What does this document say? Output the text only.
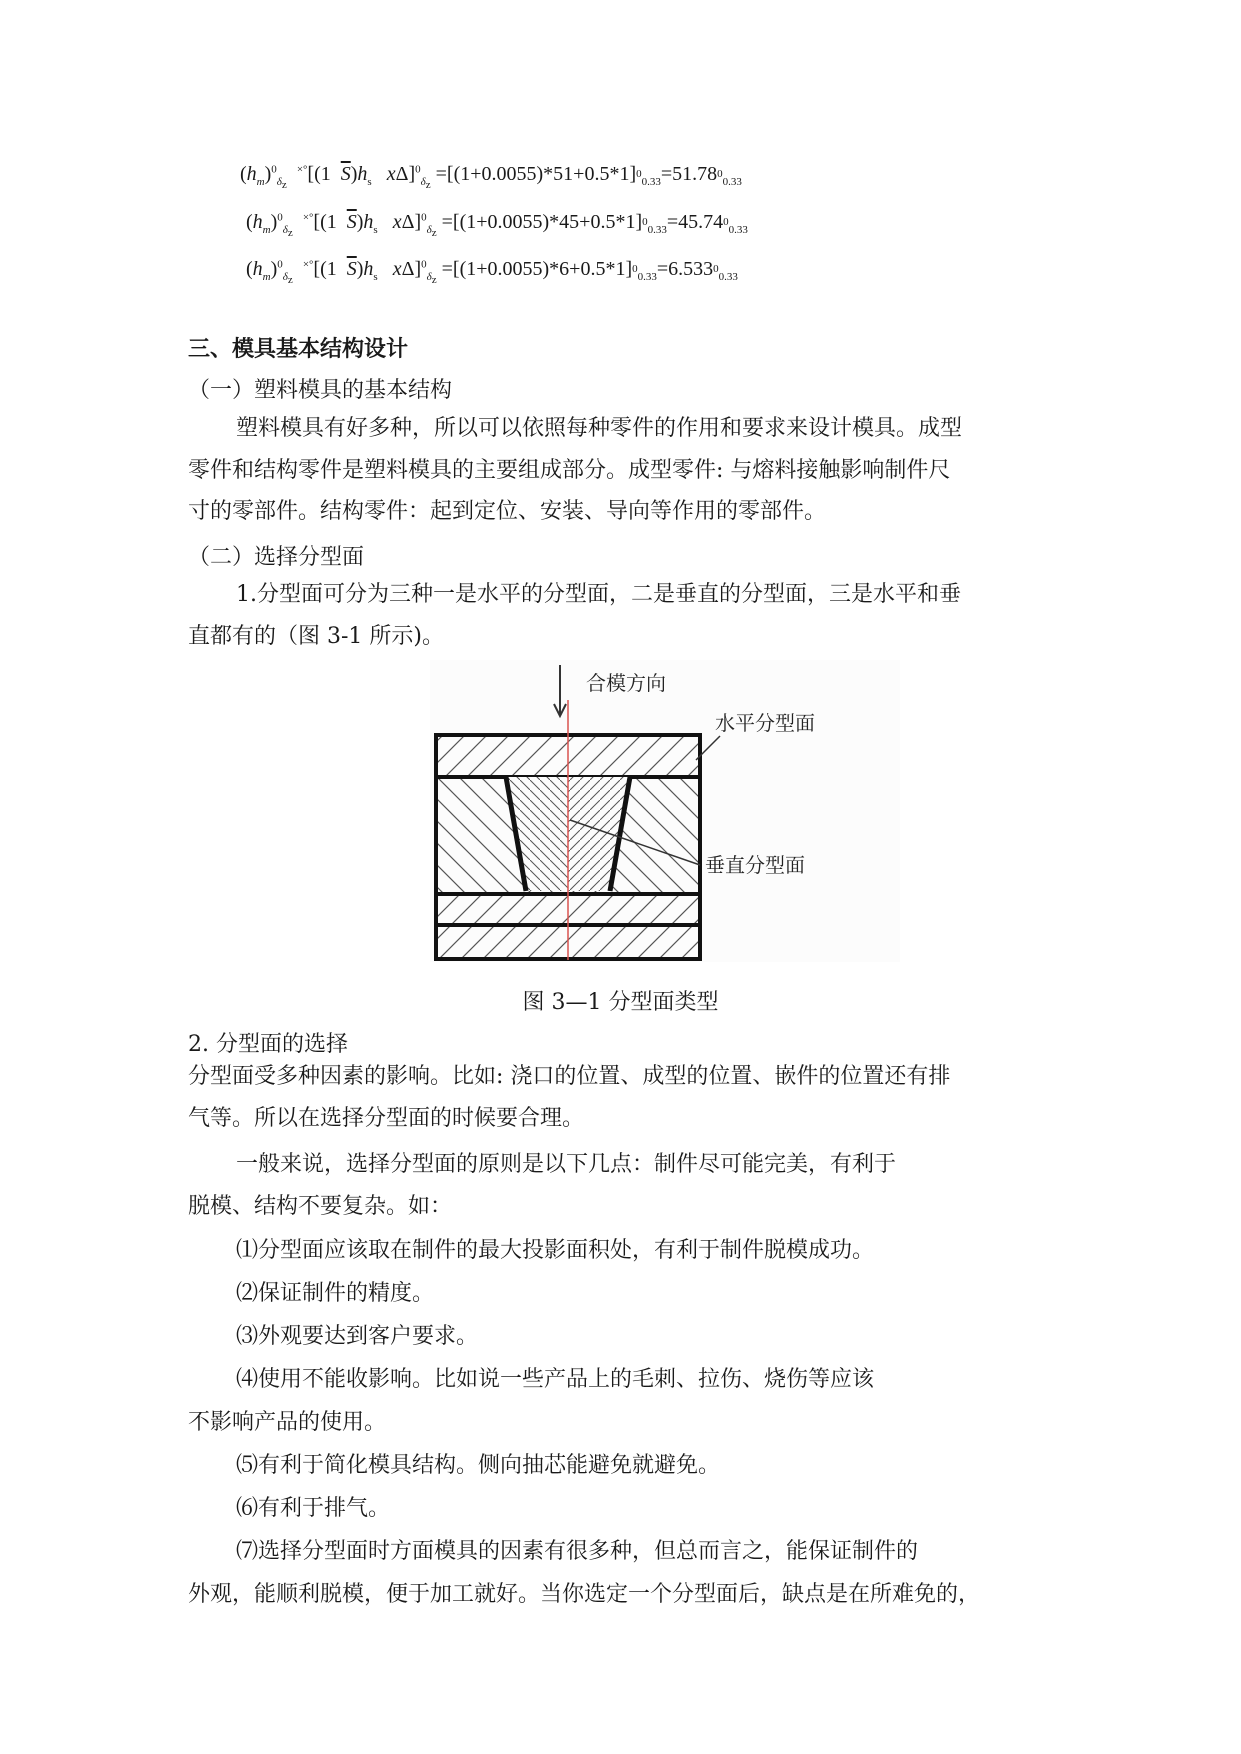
$(h_m)^0_{\delta_z}$  ×°[(1  $\overline{S})h_s$ $x\Delta]^0_{\delta_z} =[(1+0.0055)*51+0.5*1]_{00.33}=51.78_{00.33}$
$(h_m)^0_{\delta_z}$  ×°[(1  $\overline{S})h_s$ $x\Delta]^0_{\delta_z} =[(1+0.0055)*45+0.5*1]_{00.33}=45.74_{00.33}$
$(h_m)^0_{\delta_z}$  ×°[(1  $\overline{S})h_s$ $x\Delta]^0_{\delta_z} =[(1+0.0055)*6+0.5*1]_{00.33}=6.533_{00.33}$
三、模具基本结构设计
（一）塑料模具的基本结构
塑料模具有好多种，所以可以依照每种零件的作用和要求来设计模具。成型
零件和结构零件是塑料模具的主要组成部分。成型零件: 与熔料接触影响制件尺
寸的零部件。结构零件：起到定位、安装、导向等作用的零部件。
（二）选择分型面
1.分型面可分为三种一是水平的分型面，二是垂直的分型面，三是水平和垂
直都有的（图 3-1 所示)。
合模方向
水平分型面
垂直分型面
图 3—1 分型面类型
2. 分型面的选择
分型面受多种因素的影响。比如: 浇口的位置、成型的位置、嵌件的位置还有排
气等。所以在选择分型面的时候要合理。
一般来说，选择分型面的原则是以下几点：制件尽可能完美，有利于
脱模、结构不要复杂。如：
⑴分型面应该取在制件的最大投影面积处，有利于制件脱模成功。
⑵保证制件的精度。
⑶外观要达到客户要求。
⑷使用不能收影响。比如说一些产品上的毛刺、拉伤、烧伤等应该
不影响产品的使用。
⑸有利于简化模具结构。侧向抽芯能避免就避免。
⑹有利于排气。
⑺选择分型面时方面模具的因素有很多种，但总而言之，能保证制件的
外观，能顺利脱模，便于加工就好。当你选定一个分型面后，缺点是在所难免的，
